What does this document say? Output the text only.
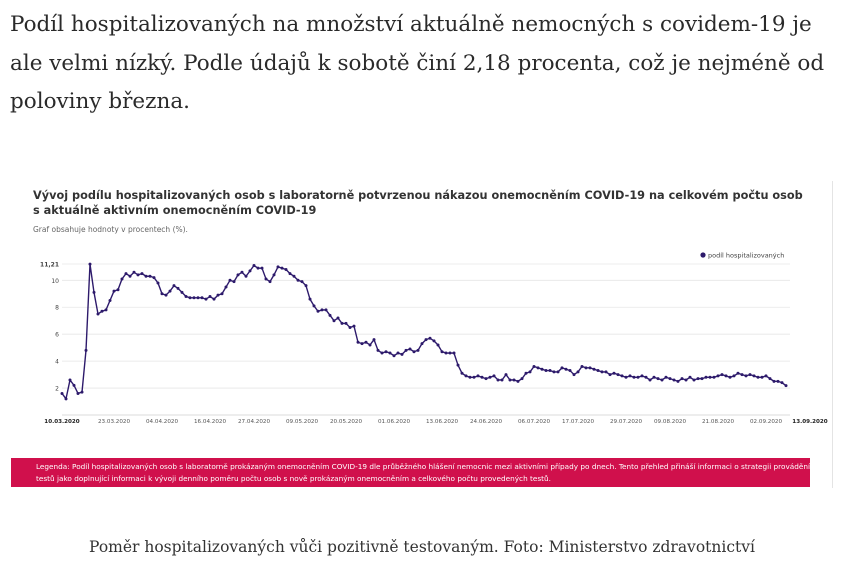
Podíl hospitalizovaných na množství aktuálně nemocných s covidem-19 je ale velmi nízký. Podle údajů k sobotě činí 2,18 procenta, což je nejméně od poloviny března.

Vývoj podílu hospitalizovaných osob s laboratorně potvrzenou nákazou onemocněním COVID-19 na celkovém počtu osob s aktuálně aktivním onemocněním COVID-19
Graf obsahuje hodnoty v procentech (%).
2
4
6
8
10
11,21
10.03.2020	23.03.2020	04.04.2020	16.04.2020 27.04.2020	09.05.2020 20.05.2020	01.06.2020	13.06.2020 24.06.2020	06.07.2020 17.07.2020	29.07.2020 09.08.2020	21.08.2020	02.09.2020 13.09.2020
podíl hospitalizovaných
Legenda: Podíl hospitalizovaných osob s laboratorně prokázaným onemocněním COVID-19 dle průběžného hlášení nemocnic mezi aktivními případy po dnech. Tento přehled přináší informaci o strategii provádění testů jako doplnující informaci k vývoji denního poměru počtu osob s nově prokázaným onemocněním a celkového počtu provedených testů.
Poměr hospitalizovaných vůči pozitivně testovaným. Foto: Ministerstvo zdravotnictví
